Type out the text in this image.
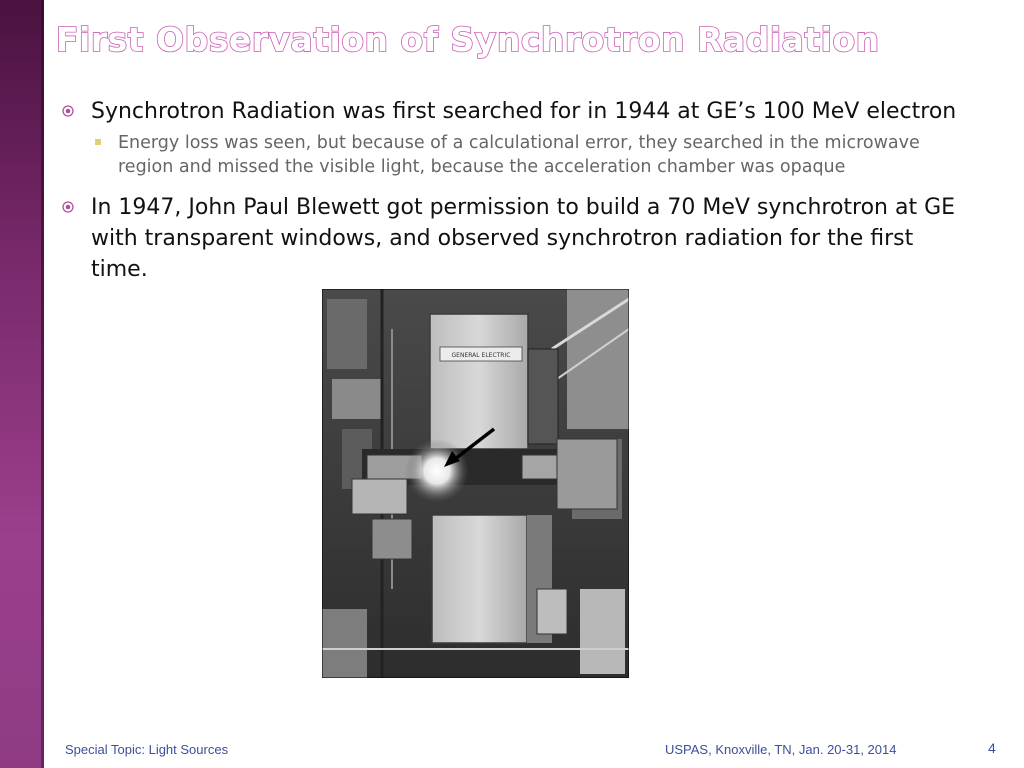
First Observation of Synchrotron Radiation
Synchrotron Radiation was first searched for in 1944 at GE’s 100 MeV electron
Energy loss was seen, but because of a calculational error, they searched in the microwave region and missed the visible light, because the acceleration chamber was opaque
In 1947, John Paul Blewett got permission to build a 70 MeV synchrotron at GE with transparent windows, and observed synchrotron radiation for the first time.
GENERAL ELECTRIC
Special Topic: Light Sources	USPAS, Knoxville, TN, Jan. 20-31, 2014	4
